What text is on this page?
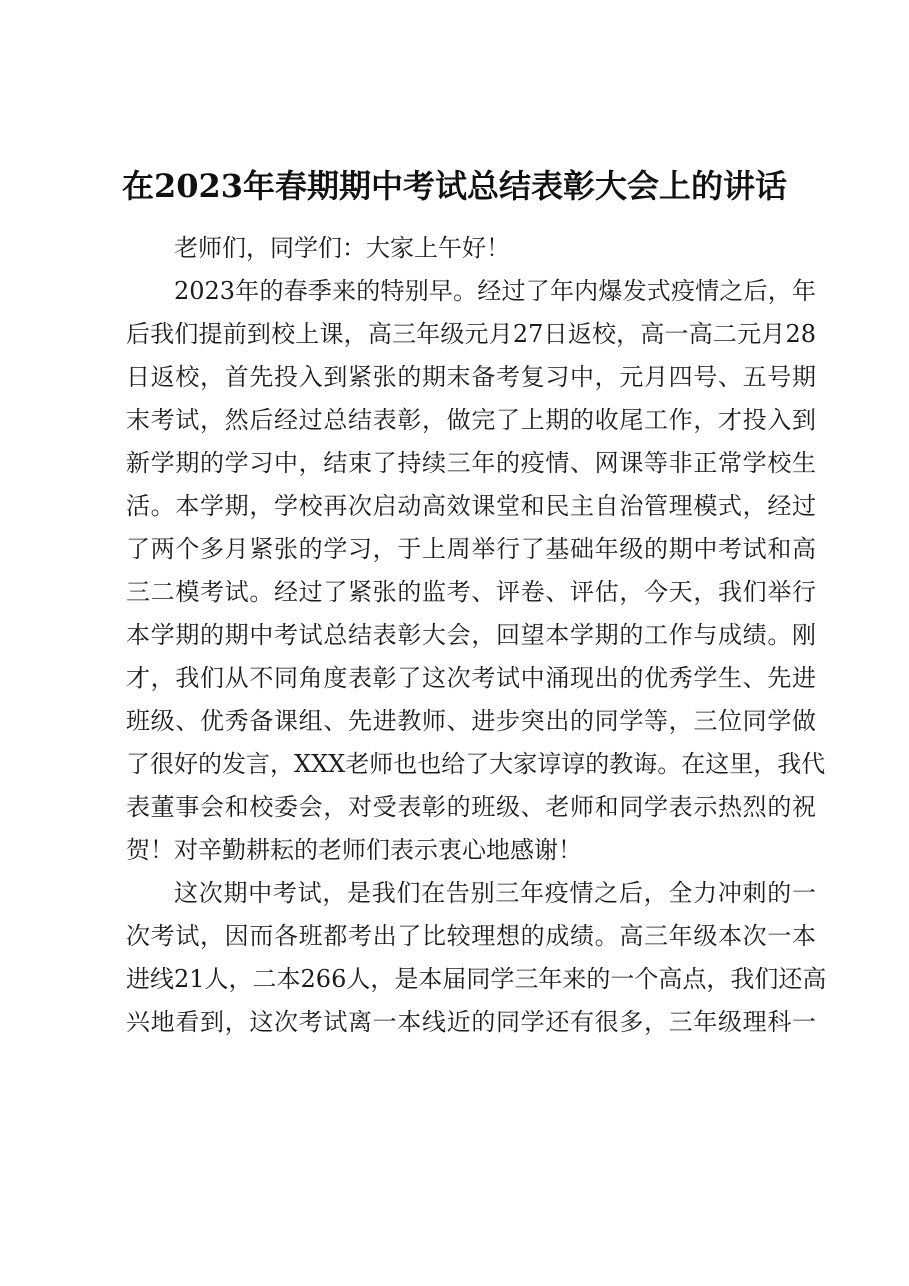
在2023年春期期中考试总结表彰大会上的讲话
老师们，同学们：大家上午好！
2023年的春季来的特别早。经过了年内爆发式疫情之后，年
后我们提前到校上课，高三年级元月27日返校，高一高二元月28
日返校，首先投入到紧张的期末备考复习中，元月四号、五号期
末考试，然后经过总结表彰，做完了上期的收尾工作，才投入到
新学期的学习中，结束了持续三年的疫情、网课等非正常学校生
活。本学期，学校再次启动高效课堂和民主自治管理模式，经过
了两个多月紧张的学习，于上周举行了基础年级的期中考试和高
三二模考试。经过了紧张的监考、评卷、评估，今天，我们举行
本学期的期中考试总结表彰大会，回望本学期的工作与成绩。刚
才，我们从不同角度表彰了这次考试中涌现出的优秀学生、先进
班级、优秀备课组、先进教师、进步突出的同学等，三位同学做
了很好的发言，XXX老师也也给了大家谆谆的教诲。在这里，我代
表董事会和校委会，对受表彰的班级、老师和同学表示热烈的祝
贺！对辛勤耕耘的老师们表示衷心地感谢！
这次期中考试，是我们在告别三年疫情之后，全力冲刺的一
次考试，因而各班都考出了比较理想的成绩。高三年级本次一本
进线21人，二本266人，是本届同学三年来的一个高点，我们还高
兴地看到，这次考试离一本线近的同学还有很多，三年级理科一
